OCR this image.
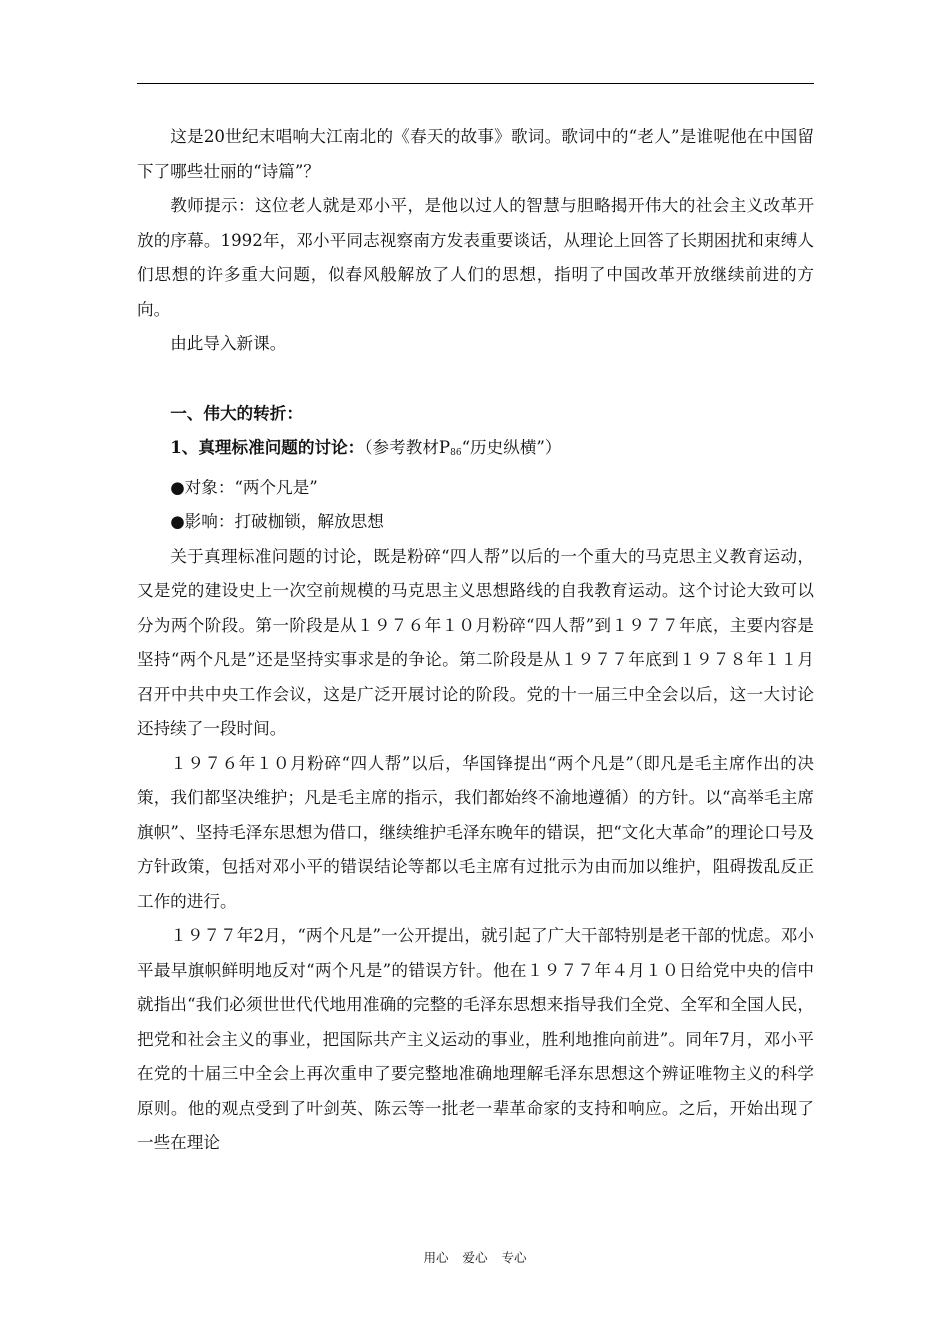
这是20世纪末唱响大江南北的《春天的故事》歌词。歌词中的“老人”是谁呢他在中国留下了哪些壮丽的“诗篇”？

教师提示：这位老人就是邓小平，是他以过人的智慧与胆略揭开伟大的社会主义改革开放的序幕。1992年，邓小平同志视察南方发表重要谈话，从理论上回答了长期困扰和束缚人们思想的许多重大问题，似春风般解放了人们的思想，指明了中国改革开放继续前进的方向。

由此导入新课。

一、伟大的转折：

1、真理标准问题的讨论：（参考教材$P_{86}“$历史纵横”）

●对象：“两个凡是”

●影响：打破枷锁，解放思想

关于真理标准问题的讨论，既是粉碎“四人帮”以后的一个重大的马克思主义教育运动，又是党的建设史上一次空前规模的马克思主义思想路线的自我教育运动。这个讨论大致可以分为两个阶段。第一阶段是从１９７６年１０月粉碎“四人帮”到１９７７年底，主要内容是坚持“两个凡是”还是坚持实事求是的争论。第二阶段是从１９７７年底到１９７８年１１月召开中共中央工作会议，这是广泛开展讨论的阶段。党的十一届三中全会以后，这一大讨论还持续了一段时间。

１９７６年１０月粉碎“四人帮”以后，华国锋提出“两个凡是”（即凡是毛主席作出的决策，我们都坚决维护；凡是毛主席的指示，我们都始终不渝地遵循）的方针。以“高举毛主席旗帜”、坚持毛泽东思想为借口，继续维护毛泽东晚年的错误，把“文化大革命”的理论口号及方针政策，包括对邓小平的错误结论等都以毛主席有过批示为由而加以维护，阻碍拨乱反正工作的进行。

１９７７年2月，“两个凡是”一公开提出，就引起了广大干部特别是老干部的忧虑。邓小平最早旗帜鲜明地反对“两个凡是”的错误方针。他在１９７７年４月１０日给党中央的信中就指出“我们必须世世代代地用准确的完整的毛泽东思想来指导我们全党、全军和全国人民，把党和社会主义的事业，把国际共产主义运动的事业，胜利地推向前进”。同年7月，邓小平在党的十届三中全会上再次重申了要完整地准确地理解毛泽东思想这个辨证唯物主义的科学原则。他的观点受到了叶剑英、陈云等一批老一辈革命家的支持和响应。之后，开始出现了一些在理论

用心 爱心 专心
